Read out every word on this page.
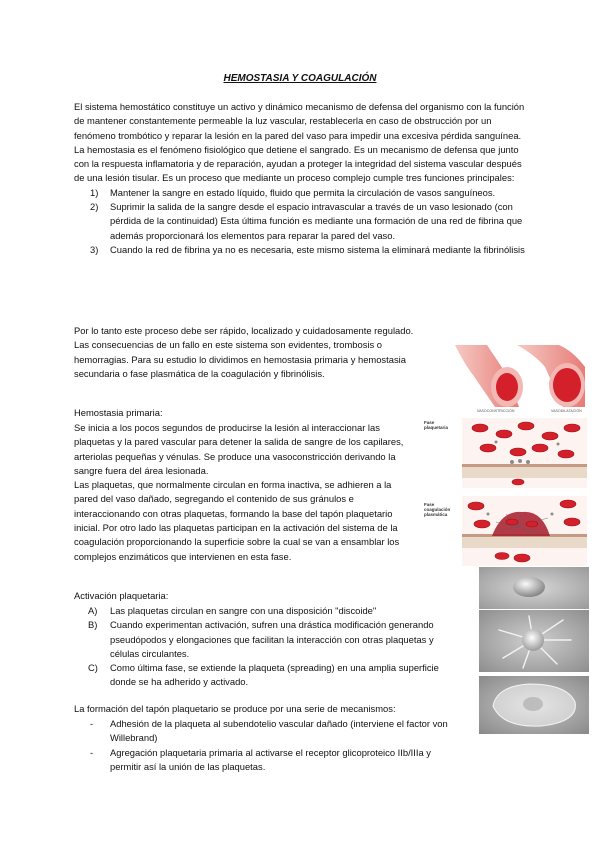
HEMOSTASIA Y COAGULACIÓN

El sistema hemostático constituye un activo y dinámico mecanismo de defensa del organismo con la función de mantener constantemente permeable la luz vascular, restablecerla en caso de obstrucción por un fenómeno trombótico y reparar la lesión en la pared del vaso para impedir una excesiva pérdida sanguínea.

La hemostasia es el fenómeno fisiológico que detiene el sangrado. Es un mecanismo de defensa que junto con la respuesta inflamatoria y de reparación, ayudan a proteger la integridad del sistema vascular después de una lesión tisular. Es un proceso que mediante un proceso complejo cumple tres funciones principales:

1) Mantener la sangre en estado líquido, fluido que permita la circulación de vasos sanguíneos.
2) Suprimir la salida de la sangre desde el espacio intravascular a través de un vaso lesionado (con pérdida de la continuidad) Esta última función es mediante una formación de una red de fibrina que además proporcionará los elementos para reparar la pared del vaso.
3) Cuando la red de fibrina ya no es necesaria, este mismo sistema la eliminará mediante la fibrinólisis

Por lo tanto este proceso debe ser rápido, localizado y cuidadosamente regulado. Las consecuencias de un fallo en este sistema son evidentes, trombosis o hemorragias. Para su estudio lo dividimos en hemostasia primaria y hemostasia secundaria o fase plasmática de la coagulación y fibrinólisis.

Hemostasia primaria:

Se inicia a los pocos segundos de producirse la lesión al interaccionar las plaquetas y la pared vascular para detener la salida de sangre de los capilares, arteriolas pequeñas y vénulas. Se produce una vasoconstricción derivando la sangre fuera del área lesionada.

Las plaquetas, que normalmente circulan en forma inactiva, se adhieren a la pared del vaso dañado, segregando el contenido de sus gránulos e interaccionando con otras plaquetas, formando la base del tapón plaquetario inicial. Por otro lado las plaquetas participan en la activación del sistema de la coagulación proporcionando la superficie sobre la cual se van a ensamblar los complejos enzimáticos que intervienen en esta fase.

Activación plaquetaria:
A) Las plaquetas circulan en sangre con una disposición "discoide"
B) Cuando experimentan activación, sufren una drástica modificación generando pseudópodos y elongaciones que facilitan la interacción con otras plaquetas y células circulantes.
C) Como última fase, se extiende la plaqueta (spreading) en una amplia superficie donde se ha adherido y activado.
La formación del tapón plaquetario se produce por una serie de mecanismos:
- Adhesión de la plaqueta al subendotelio vascular dañado (interviene el factor von Willebrand)
- Agregación plaquetaria primaria al activarse el receptor glicoproteico IIb/IIIa y permitir así la unión de las plaquetas.
VASOCONSTRICCIÓN	VASODILATACIÓN
Fase plaquetaria
Fase coagulación plasmática
